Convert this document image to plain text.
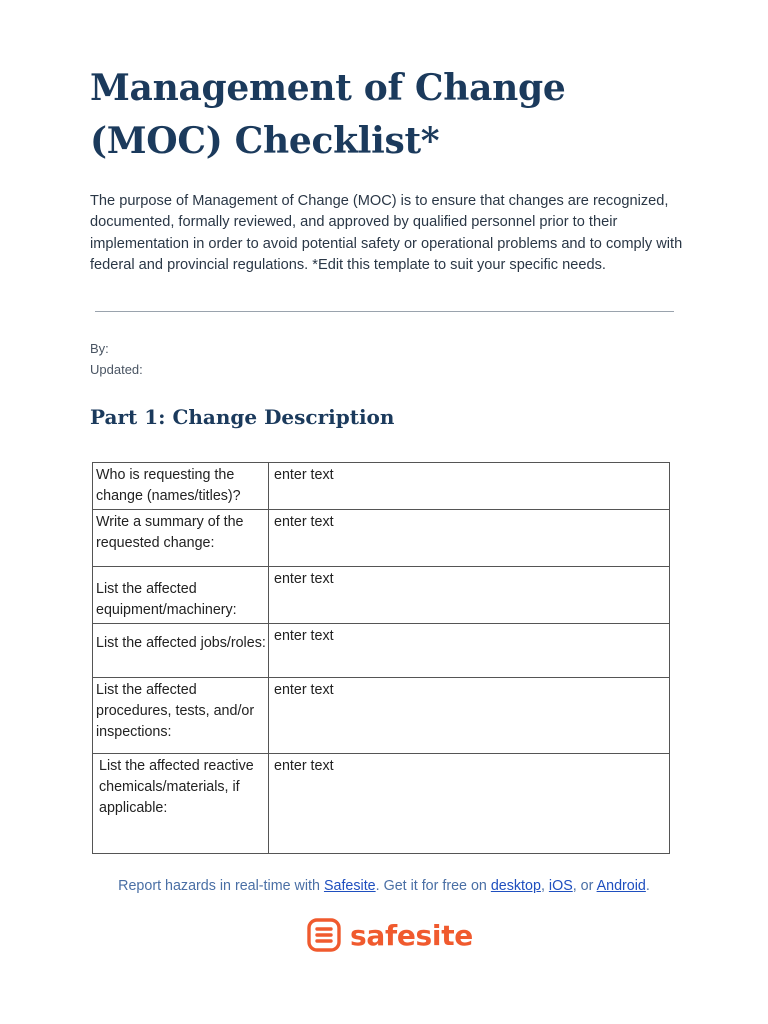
Management of Change (MOC) Checklist*

The purpose of Management of Change (MOC) is to ensure that changes are recognized, documented, formally reviewed, and approved by qualified personnel prior to their implementation in order to avoid potential safety or operational problems and to comply with federal and provincial regulations. *Edit this template to suit your specific needs.

By:
Updated:
Part 1: Change Description
Who is requesting the change (names/titles)?	enter text
Write a summary of the requested change:	enter text
List the affected equipment/machinery:	enter text
List the affected jobs/roles:	enter text
List the affected procedures, tests, and/or inspections:	enter text
List the affected reactive chemicals/materials, if applicable:	enter text
Report hazards in real-time with Safesite. Get it for free on desktop, iOS, or Android.
safesite
